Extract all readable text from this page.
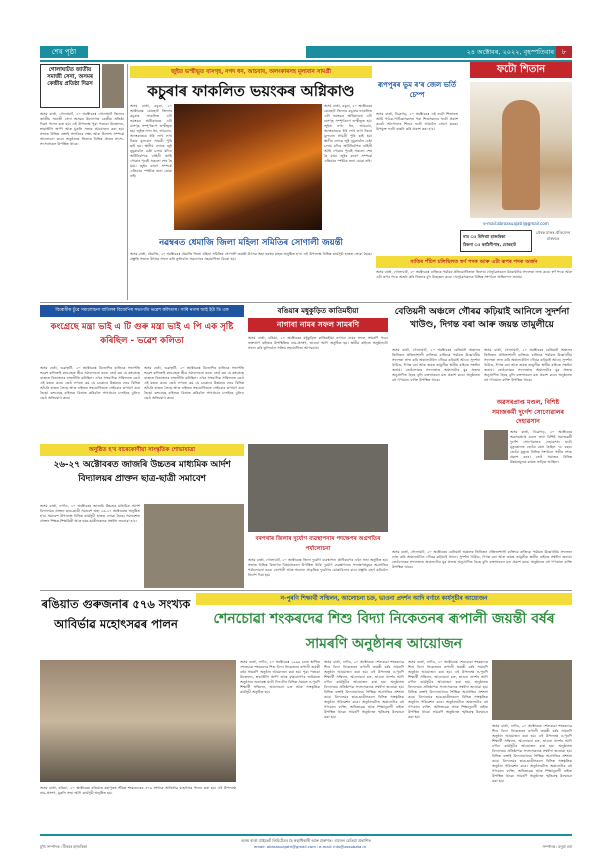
শেষ পৃষ্ঠা	২৪ অক্টোবৰ, ২০২২, বৃহস্পতিবাৰ	৮
গোলাঘাটত জাতীয় সমাজী সেনা, অসমৰ কেন্দ্ৰীয় প্ৰতিষ্ঠা দিৱস
অসম বাৰ্তা, গোলাঘাট, ২০ অক্টোবৰঃ গোলাঘাট জিলাৰ জাতীয় সমাজী সেনা অসমৰ উদ্যোগত কেন্দ্ৰীয় প্ৰতিষ্ঠা দিৱস পালন কৰা হয়। এই উপলক্ষে পুৱা পতাকা উত্তোলন, শ্ৰদ্ধাঞ্জলি অৰ্পণ আৰু মুকলি সভাৰ আয়োজন কৰা হয়। সভাত বিভিন্ন বক্তাই সংগঠনৰ লক্ষ্য আৰু উদ্দেশ্য সম্পৰ্কে আলোচনা কৰে। অনুষ্ঠানত জিলাৰ বিভিন্ন প্ৰান্তৰ সদস্য-সদস্যাসকল উপস্থিত থাকে।
জুইত ভস্মীভূত বাসগৃহ, নগদ ধন, আচবাব, অলংকাৰসহ মূল্যবান সামগ্ৰী
কচুৰাৰ ফাকলিত ভয়ংকৰ অগ্নিকাণ্ড
অসম বাৰ্তা, কচুৰা, ২০ অক্টোবৰঃ যোৰহাট জিলাৰ কচুৰাৰ ফাকলিত এটা ভয়ংকৰ অগ্নিকাণ্ডত এটা বাসগৃহ সম্পূৰ্ণৰূপে ভস্মীভূত হয়। জুইত নগদ ধন, আচবাব, অলংকাৰকে ধৰি লাখ লাখ টকাৰ মূল্যবান সামগ্ৰী পুৰি ছাই হয়। স্থানীয় লোকে জুই নুমুৱাবলৈ চেষ্টা চলায় যদিও অগ্নিনিৰ্বাপক বাহিনী আহি পোৱাৰ পূৰ্বেই সকলো শেষ হৈ যায়। জুইৰ কাৰণ সম্পৰ্কে এতিয়াও স্পষ্টকৈ জনা যোৱা নাই।
অসম বাৰ্তা, কচুৰা, ২০ অক্টোবৰঃ যোৰহাট জিলাৰ কচুৰাৰ ফাকলিত এটা ভয়ংকৰ অগ্নিকাণ্ডত এটা বাসগৃহ সম্পূৰ্ণৰূপে ভস্মীভূত হয়। জুইত নগদ ধন, আচবাব, অলংকাৰকে ধৰি লাখ লাখ টকাৰ মূল্যবান সামগ্ৰী পুৰি ছাই হয়। স্থানীয় লোকে জুই নুমুৱাবলৈ চেষ্টা চলায় যদিও অগ্নিনিৰ্বাপক বাহিনী আহি পোৱাৰ পূৰ্বেই সকলো শেষ হৈ যায়। জুইৰ কাৰণ সম্পৰ্কে এতিয়াও স্পষ্টকৈ জনা যোৱা নাই।
নৱম্বৰত ধেমাজি জিলা মহিলা সমিতিৰ সোণালী জয়ন্তী
অসম বাৰ্তা, ধেমাজি, ২০ অক্টোবৰঃ ধেমাজি জিলা মহিলা সমিতিৰ সোণালী জয়ন্তী উৎসৱ অহা নৱম্বৰ মাহত অনুষ্ঠিত হ'ব। এই উপলক্ষে বিভিন্ন কাৰ্যসূচী হাতত লোৱা হৈছে। প্ৰস্তুতি সভাত উৎসৱ সফল কৰি তুলিবলৈ সকলোৰে সহযোগিতা বিচৰা হয়।
ফটো শিতান
ৰূপপুৰৰ ভুম ৰ'ৰ জেল ভৰ্তি চেম্প
অসম বাৰ্তা, ডিব্ৰুগড়, ২০ অক্টোবৰঃ এই ফটো শিতানত আমি পাঠক-পাঠিকাসকলৰ পৰা শিশুসকলৰ ফটো প্ৰকাশ কৰোঁ। আপোনাৰ শিশুৰ ফটো আমালৈ প্ৰেৰণ কৰক। উপযুক্ত ফটো বাছনি কৰি প্ৰকাশ কৰা হ'ব।
e-mail:abroaxuajatri@gmail.com
নাম ঃ উদিপ্তা হাজৰিকা
ঠিকনা ঃ কাঠিনীপাৰ, যোৰহাট
প্ৰেৰক মাকৰ প্ৰতিবেদন মাৰফতে
বাতিৰ পঁচিশ চলিছিলত স্বৰ্ণ পদক আৰু এটা ৰূপৰ পদক অৰ্জন
অসম বাৰ্তা, গোলাঘাট, ২০ অক্টোবৰঃ ৰাজ্যিক পৰ্যায়ৰ প্ৰতিযোগিতাত জিলাৰ খেলুৱৈসকলে উল্লেখনীয় সফলতা লাভ কৰে। স্বৰ্ণ পদক আৰু এটা ৰূপৰ পদক অৰ্জন কৰি জিলাৰ মুখ উজ্জ্বল কৰে। খেলুৱৈসকলক বিভিন্ন সংগঠনে অভিনন্দন জনায়।
বিৰোধীক চুঁৱে সমালোচনা বাতিলৰ বিজেপিৰ সভাপতি ভৱেশ কলিতাৰ ৷ সাৰি নগাৰ আই ইউ ডি এক
কংগ্ৰেছে মন্ত্ৰা ভাই এ টি গুৰু মন্ত্ৰা ভাই এ পি এক সৃষ্টি কৰিছিল - ভৱেশ কলিতা
অসম বাৰ্তা, গুৱাহাটী, ২০ অক্টোবৰঃ বিজেপিৰ ৰাজ্যিক সভাপতি ভৱেশ কলিতাই কংগ্ৰেছক তীব্ৰ সমালোচনা কৰে। তেওঁ কয় যে কংগ্ৰেছে ৰাজ্যত বিভাজনৰ ৰাজনীতি কৰিছিল। এখন সাংবাদিক সন্মিলনত তেওঁ এই মন্তব্য কৰে। তেওঁ লগতে কয় যে চৰকাৰে উন্নয়নৰ বাবে বিভিন্ন আঁচনি হাতত লৈছে আৰু ৰাইজৰ সহযোগিতাত সেইবোৰ ৰূপায়ণ কৰা হৈছে। কংগ্ৰেছে ৰাইজক বিভ্ৰান্ত কৰিবলৈ অপপ্ৰচাৰ চলাইছে বুলিও তেওঁ অভিযোগ কৰে।
অসম বাৰ্তা, গুৱাহাটী, ২০ অক্টোবৰঃ বিজেপিৰ ৰাজ্যিক সভাপতি ভৱেশ কলিতাই কংগ্ৰেছক তীব্ৰ সমালোচনা কৰে। তেওঁ কয় যে কংগ্ৰেছে ৰাজ্যত বিভাজনৰ ৰাজনীতি কৰিছিল। এখন সাংবাদিক সন্মিলনত তেওঁ এই মন্তব্য কৰে। তেওঁ লগতে কয় যে চৰকাৰে উন্নয়নৰ বাবে বিভিন্ন আঁচনি হাতত লৈছে আৰু ৰাইজৰ সহযোগিতাত সেইবোৰ ৰূপায়ণ কৰা হৈছে। কংগ্ৰেছে ৰাইজক বিভ্ৰান্ত কৰিবলৈ অপপ্ৰচাৰ চলাইছে বুলিও তেওঁ অভিযোগ কৰে।
বঙিয়াৰ মধুকুড়িত কাতিমহীয়া
নাগাবা নামৰ সফল সামৰণি
অসম বাৰ্তা, বঙিয়া, ২০ অক্টোবৰঃ মধুকুড়িত কাতিমহীয়া নাগাবা নামৰ সফল সামৰণি পৰে। ভক্তপ্ৰাণ ৰাইজৰ উপস্থিতিত নাম-প্ৰসংগ, ভাওনা আদি অনুষ্ঠিত হয়। স্থানীয় ৰাইজে অনুষ্ঠানটো সফল কৰি তুলিবলৈ সক্ৰিয় সহযোগিতা আগবঢ়ায়।
বেতিয়নী অঞ্চলে গৌৰৱ কঢ়িয়াই আনিলে সুদৰ্শনা খাউণ্ড, দিগন্ত বৰা আৰু জয়ন্ত তামুলীয়ে
অসম বাৰ্তা, গোলাঘাট, ২০ অক্টোবৰঃ বেতিয়নী অঞ্চলৰ তিনিজন প্ৰতিভাশালী ব্যক্তিয়ে ৰাজ্যিক পৰ্যায়ত উল্লেখনীয় সফলতা লাভ কৰি অঞ্চলটোলৈ গৌৰৱ কঢ়িয়াই আনে। সুদৰ্শনা খাউণ্ড, দিগন্ত বৰা আৰু জয়ন্ত তামুলীক স্থানীয় ৰাইজে সম্বৰ্ধনা জনায়। তেওঁলোকৰ সফলতাত অঞ্চলটোৰ যুৱ প্ৰজন্ম অনুপ্ৰাণিত হৈছে বুলি বক্তাসকলে মত প্ৰকাশ কৰে। অনুষ্ঠানত বহু গণ্যমান্য ব্যক্তি উপস্থিত থাকে।
অসম বাৰ্তা, গোলাঘাট, ২০ অক্টোবৰঃ বেতিয়নী অঞ্চলৰ তিনিজন প্ৰতিভাশালী ব্যক্তিয়ে ৰাজ্যিক পৰ্যায়ত উল্লেখনীয় সফলতা লাভ কৰি অঞ্চলটোলৈ গৌৰৱ কঢ়িয়াই আনে। সুদৰ্শনা খাউণ্ড, দিগন্ত বৰা আৰু জয়ন্ত তামুলীক স্থানীয় ৰাইজে সম্বৰ্ধনা জনায়। তেওঁলোকৰ সফলতাত অঞ্চলটোৰ যুৱ প্ৰজন্ম অনুপ্ৰাণিত হৈছে বুলি বক্তাসকলে মত প্ৰকাশ কৰে। অনুষ্ঠানত বহু গণ্যমান্য ব্যক্তি উপস্থিত থাকে।
অৱসৰপ্ৰাপ্ত মণ্ডল, বিশিষ্ট সমাজকৰ্মী দুৰ্গেশ সোণোৱালৰ দেহাৱসান
অসম বাৰ্তা, ডিব্ৰুগড়, ২০ অক্টোবৰঃ অৱসৰপ্ৰাপ্ত মণ্ডল তথা বিশিষ্ট সমাজকৰ্মী দুৰ্গেশ সোণোৱালৰ দেহাৱসান ঘটে। মৃত্যুকালত তেওঁৰ বয়স হৈছিল ৭৮ বছৰ। তেওঁৰ মৃত্যুত বিভিন্ন সংগঠনে গভীৰ শোক প্ৰকাশ কৰে। তেওঁ সমাজৰ বিভিন্ন উন্নয়নমূলক কামত জড়িত আছিল।
অনুষ্ঠিত হ'ব বাৰেকোণীয়া সাংস্কৃতিক শোভাযাত্ৰা
২৬-২৭ অক্টোবৰত জাজৰি উচ্চতৰ মাধ্যমিক আৰ্দশ বিদ্যালয়ৰ প্ৰাক্তন ছাত্ৰ-ছাত্ৰী সমাবেশ
অসম বাৰ্তা, নগাঁও, ২০ অক্টোবৰঃ জাজৰি উচ্চতৰ মাধ্যমিক আৰ্দশ বিদ্যালয়ৰ প্ৰাক্তন ছাত্ৰ-ছাত্ৰী সমাবেশ অহা ২৬-২৭ অক্টোবৰত অনুষ্ঠিত হ'ব। সমাবেশ উপলক্ষে বিভিন্ন কাৰ্যসূচী হাতত লোৱা হৈছে। সমাবেশত প্ৰাক্তন শিক্ষক-শিক্ষয়িত্ৰী আৰু ছাত্ৰ-ছাত্ৰীসকলক সম্বৰ্ধনা জনোৱা হ'ব।
বৰপথাৰ জিলাৰ দুৰ্যোগ ব্যৱস্থাপনাৰ পদক্ষেপৰ অগ্ৰগতিৰ পৰ্যালোচনা
অসম বাৰ্তা, গোলাঘাট, ২০ অক্টোবৰঃ জিলা দুৰ্যোগ ব্যৱস্থাপনা প্ৰাধিকৰণৰ এখন সভা অনুষ্ঠিত হয়। সভাত বিভিন্ন বিভাগৰ বিষয়াসকলে উপস্থিত থাকি দুৰ্যোগ ব্যৱস্থাপনাৰ পদক্ষেপসমূহৰ অগ্ৰগতিৰ পৰ্যালোচনা কৰে। বানপানী আৰু অন্যান্য প্ৰাকৃতিক দুৰ্যোগৰ মোকাবিলাৰ বাবে প্ৰস্তুতি গ্ৰহণ কৰিবলৈ নিৰ্দেশ দিয়া হয়।
অসম বাৰ্তা, গোলাঘাট, ২০ অক্টোবৰঃ বেতিয়নী অঞ্চলৰ তিনিজন প্ৰতিভাশালী ব্যক্তিয়ে ৰাজ্যিক পৰ্যায়ত উল্লেখনীয় সফলতা লাভ কৰি অঞ্চলটোলৈ গৌৰৱ কঢ়িয়াই আনে। সুদৰ্শনা খাউণ্ড, দিগন্ত বৰা আৰু জয়ন্ত তামুলীক স্থানীয় ৰাইজে সম্বৰ্ধনা জনায়। তেওঁলোকৰ সফলতাত অঞ্চলটোৰ যুৱ প্ৰজন্ম অনুপ্ৰাণিত হৈছে বুলি বক্তাসকলে মত প্ৰকাশ কৰে। অনুষ্ঠানত বহু গণ্যমান্য ব্যক্তি উপস্থিত থাকে।
ন-পুৰণি শিক্ষাৰ্থী সন্মিলন, আলোচনা চক্ৰ, ভাওনা প্ৰদৰ্শন আদি বৰ্ণাঢ্য কাৰ্যসূচীৰ আয়োজন
শেনচোৱা শংকৰদেৱ শিশু বিদ্যা নিকেতনৰ ৰূপালী জয়ন্তী বৰ্ষৰ সামৰণি অনুষ্ঠানৰ আয়োজন
ৰঙিয়াত গুৰুজনাৰ ৫৭৬ সংখ্যক আবিৰ্ভাৱ মহোৎসৱৰ পালন
অসম বাৰ্তা, ৰঙিয়া, ২০ অক্টোবৰঃ ৰঙিয়াত মহাপুৰুষ শ্ৰীমন্ত শংকৰদেৱৰ ৫৭৬ সংখ্যক আবিৰ্ভাৱ মহোৎসৱ পালন কৰা হয়। এই উপলক্ষে নাম-প্ৰসংগ, মুকলি সভা আদি কাৰ্যসূচী অনুষ্ঠিত হয়।
অসম বাৰ্তা, নগাঁও, ২০ অক্টোবৰঃ ১৯৯৯ চনত স্থাপিত শেনচোৱা শংকৰদেৱ শিশু বিদ্যা নিকেতনৰ ৰূপালী জয়ন্তী বৰ্ষৰ সামৰণি অনুষ্ঠান আয়োজন কৰা হয়। পুৱা পতাকা উত্তোলন, শ্ৰদ্ধাঞ্জলি অৰ্পণ আৰু বৃক্ষৰোপণৰ জৰিয়তে অনুষ্ঠানৰ শুভাৰম্ভ ঘটে। দিনটোৰ বিভিন্ন সময়ত ন-পুৰণি শিক্ষাৰ্থী সন্মিলন, আলোচনা চক্ৰ আৰু সাংস্কৃতিক কাৰ্যসূচী অনুষ্ঠিত হয়।
অসম বাৰ্তা, নগাঁও, ২০ অক্টোবৰঃ শেনচোৱা শংকৰদেৱ শিশু বিদ্যা নিকেতনৰ ৰূপালী জয়ন্তী বৰ্ষৰ সামৰণি অনুষ্ঠান আয়োজন কৰা হয়। এই উপলক্ষে ন-পুৰণি শিক্ষাৰ্থী সন্মিলন, আলোচনা চক্ৰ, ভাওনা প্ৰদৰ্শন আদি বৰ্ণাঢ্য কাৰ্যসূচীৰ আয়োজন কৰা হয়। অনুষ্ঠানত বিদ্যালয়ৰ প্ৰতিষ্ঠাপক সদস্যসকলক সম্বৰ্ধনা জনোৱা হয়। বিভিন্ন বক্তাই বিদ্যালয়খনৰ শৈক্ষিক অগ্ৰগতিৰ প্ৰশংসা কৰে। বিদ্যালয়ৰ ছাত্ৰ-ছাত্ৰীসকলে বিভিন্ন সাংস্কৃতিক অনুষ্ঠান পৰিৱেশন কৰে। অনুষ্ঠানটোত অঞ্চলটোৰ বহু গণ্যমান্য ব্যক্তি, অভিভাৱক আৰু শিক্ষানুৰাগী ৰাইজ উপস্থিত থাকে। সামৰণি অনুষ্ঠানত স্মৃতিগ্ৰন্থ উন্মোচন কৰা হয়।
অসম বাৰ্তা, নগাঁও, ২০ অক্টোবৰঃ শেনচোৱা শংকৰদেৱ শিশু বিদ্যা নিকেতনৰ ৰূপালী জয়ন্তী বৰ্ষৰ সামৰণি অনুষ্ঠান আয়োজন কৰা হয়। এই উপলক্ষে ন-পুৰণি শিক্ষাৰ্থী সন্মিলন, আলোচনা চক্ৰ, ভাওনা প্ৰদৰ্শন আদি বৰ্ণাঢ্য কাৰ্যসূচীৰ আয়োজন কৰা হয়। অনুষ্ঠানত বিদ্যালয়ৰ প্ৰতিষ্ঠাপক সদস্যসকলক সম্বৰ্ধনা জনোৱা হয়। বিভিন্ন বক্তাই বিদ্যালয়খনৰ শৈক্ষিক অগ্ৰগতিৰ প্ৰশংসা কৰে। বিদ্যালয়ৰ ছাত্ৰ-ছাত্ৰীসকলে বিভিন্ন সাংস্কৃতিক অনুষ্ঠান পৰিৱেশন কৰে। অনুষ্ঠানটোত অঞ্চলটোৰ বহু গণ্যমান্য ব্যক্তি, অভিভাৱক আৰু শিক্ষানুৰাগী ৰাইজ উপস্থিত থাকে। সামৰণি অনুষ্ঠানত স্মৃতিগ্ৰন্থ উন্মোচন কৰা হয়।
অসম বাৰ্তা, নগাঁও, ২০ অক্টোবৰঃ শেনচোৱা শংকৰদেৱ শিশু বিদ্যা নিকেতনৰ ৰূপালী জয়ন্তী বৰ্ষৰ সামৰণি অনুষ্ঠান আয়োজন কৰা হয়। এই উপলক্ষে ন-পুৰণি শিক্ষাৰ্থী সন্মিলন, আলোচনা চক্ৰ, ভাওনা প্ৰদৰ্শন আদি বৰ্ণাঢ্য কাৰ্যসূচীৰ আয়োজন কৰা হয়। অনুষ্ঠানত বিদ্যালয়ৰ প্ৰতিষ্ঠাপক সদস্যসকলক সম্বৰ্ধনা জনোৱা হয়। বিভিন্ন বক্তাই বিদ্যালয়খনৰ শৈক্ষিক অগ্ৰগতিৰ প্ৰশংসা কৰে। বিদ্যালয়ৰ ছাত্ৰ-ছাত্ৰীসকলে বিভিন্ন সাংস্কৃতিক অনুষ্ঠান পৰিৱেশন কৰে। অনুষ্ঠানটোত অঞ্চলটোৰ বহু গণ্যমান্য ব্যক্তি, অভিভাৱক আৰু শিক্ষানুৰাগী ৰাইজ উপস্থিত থাকে। সামৰণি অনুষ্ঠানত স্মৃতিগ্ৰন্থ উন্মোচন কৰা হয়।
অসম বাৰ্তা প্ৰাইভেট লিমিটেডৰ হৈ স্বত্বাধিকাৰী আৰু প্ৰকাশক ৷ ৰাজেন চেতিয়া প্ৰকাশিত
email: abroaxuajatri@gmail.com ৷ e-mail: info@assobata.in
মুখ্য সম্পাদক ৷ বীৰবৰ হাজৰিকা	সম্পাদক ৷ মনুপ্ৰ বৰা
